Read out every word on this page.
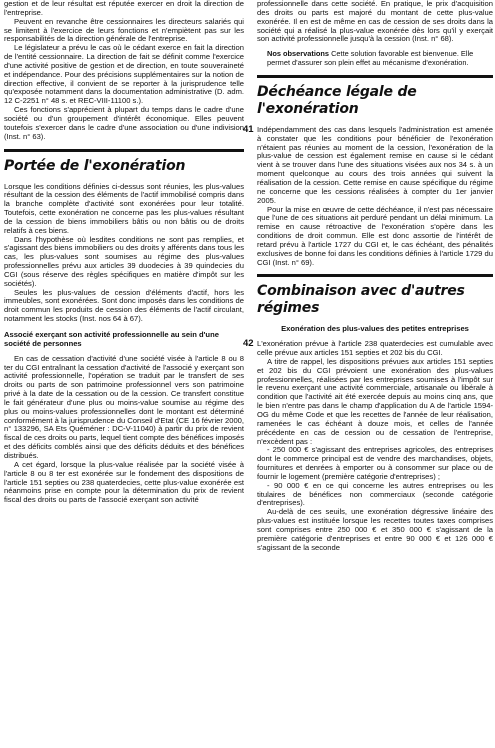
gestion et de leur résultat est réputée exercer en droit la direction de l'entreprise.

Peuvent en revanche être cessionnaires les directeurs salariés qui se limitent à l'exercice de leurs fonctions et n'empiètent pas sur les responsabilités de la direction générale de l'entreprise.

Le législateur a prévu le cas où le cédant exerce en fait la direction de l'entité cessionnaire. La direction de fait se définit comme l'exercice d'une activité positive de gestion et de direction, en toute souveraineté et indépendance. Pour des précisions supplémentaires sur la notion de direction effective, il convient de se reporter à la jurisprudence telle qu'exposée notamment dans la documentation administrative (D. adm. 12 C-2251 n° 48 s. et REC-VIII-11100 s.).

Ces fonctions s'apprécient à plupart du temps dans le cadre d'une société ou d'un groupement d'intérêt économique. Elles peuvent toutefois s'exercer dans le cadre d'une association ou d'une indivision (Inst. n° 63).

Portée de l'exonération

Lorsque les conditions définies ci-dessus sont réunies, les plus-values résultant de la cession des éléments de l'actif immobilisé compris dans la branche complète d'activité sont exonérées pour leur totalité. Toutefois, cette exonération ne concerne pas les plus-values résultant de la cession de biens immobiliers bâtis ou non bâtis ou de droits relatifs à ces biens.

Dans l'hypothèse où lesdites conditions ne sont pas remplies, et s'agissant des biens immobiliers ou des droits y afférents dans tous les cas, les plus-values sont soumises au régime des plus-values professionnelles prévu aux articles 39 duodecies à 39 quindecies du CGI (sous réserve des règles spécifiques en matière d'impôt sur les sociétés).

Seules les plus-values de cession d'éléments d'actif, hors les immeubles, sont exonérées. Sont donc imposés dans les conditions de droit commun les produits de cession des éléments de l'actif circulant, notamment les stocks (Inst. nos 64 à 67).

Associé exerçant son activité professionnelle au sein d'une société de personnes

En cas de cessation d'activité d'une société visée à l'article 8 ou 8 ter du CGI entraînant la cessation d'activité de l'associé y exerçant son activité professionnelle, l'opération se traduit par le transfert de ses droits ou parts de son patrimoine professionnel vers son patrimoine privé à la date de la cessation ou de la cession. Ce transfert constitue le fait générateur d'une plus ou moins-value soumise au régime des plus ou moins-values professionnelles dont le montant est déterminé conformément à la jurisprudence du Conseil d'Etat (CE 16 février 2000, n° 133296, SA Ets Quéméner : DC-V-11040) à partir du prix de revient fiscal de ces droits ou parts, lequel tient compte des bénéfices imposés et des déficits comblés ainsi que des déficits déduits et des bénéfices distribués.

A cet égard, lorsque la plus-value réalisée par la société visée à l'article 8 ou 8 ter est exonérée sur le fondement des dispositions de l'article 151 septies ou 238 quaterdecies, cette plus-value exonérée est néanmoins prise en compte pour la détermination du prix de revient fiscal des droits ou parts de l'associé exerçant son activité

professionnelle dans cette société. En pratique, le prix d'acquisition des droits ou parts est majoré du montant de cette plus-value exonérée. Il en est de même en cas de cession de ses droits dans la société qui a réalisé la plus-value exonérée dès lors qu'il y exerçait son activité professionnelle jusqu'à la cession (Inst. n° 68).

Nos observations Cette solution favorable est bienvenue. Elle permet d'assurer son plein effet au mécanisme d'exonération.
Déchéance légale de l'exonération
41 Indépendamment des cas dans lesquels l'administration est amenée à constater que les conditions pour bénéficier de l'exonération n'étaient pas réunies au moment de la cession, l'exonération de la plus-value de cession est également remise en cause si le cédant vient à se trouver dans l'une des situations visées aux nos 34 s. à un moment quelconque au cours des trois années qui suivent la réalisation de la cession. Cette remise en cause spécifique du régime ne concerne que les cessions réalisées à compter du 1er janvier 2005.

Pour la mise en œuvre de cette déchéance, il n'est pas nécessaire que l'une de ces situations ait perduré pendant un délai minimum. La remise en cause rétroactive de l'exonération s'opère dans les conditions de droit commun. Elle est donc assortie de l'intérêt de retard prévu à l'article 1727 du CGI et, le cas échéant, des pénalités exclusives de bonne foi dans les conditions définies à l'article 1729 du CGI (Inst. n° 69).

Combinaison avec d'autres régimes
Exonération des plus-values des petites entreprises
42 L'exonération prévue à l'article 238 quaterdecies est cumulable avec celle prévue aux articles 151 septies et 202 bis du CGI.

A titre de rappel, les dispositions prévues aux articles 151 septies et 202 bis du CGI prévoient une exonération des plus-values professionnelles, réalisées par les entreprises soumises à l'impôt sur le revenu exerçant une activité commerciale, artisanale ou libérale à condition que l'activité ait été exercée depuis au moins cinq ans, que le bien n'entre pas dans le champ d'application du A de l'article 1594-OG du même Code et que les recettes de l'année de leur réalisation, ramenées le cas échéant à douze mois, et celles de l'année précédente en cas de cession ou de cessation de l'entreprise, n'excèdent pas :

- 250 000 € s'agissant des entreprises agricoles, des entreprises dont le commerce principal est de vendre des marchandises, objets, fournitures et denrées à emporter ou à consommer sur place ou de fournir le logement (première catégorie d'entreprises) ;

- 90 000 € en ce qui concerne les autres entreprises ou les titulaires de bénéfices non commerciaux (seconde catégorie d'entreprises).

Au-delà de ces seuils, une exonération dégressive linéaire des plus-values est instituée lorsque les recettes toutes taxes comprises sont comprises entre 250 000 € et 350 000 € s'agissant de la première catégorie d'entreprises et entre 90 000 € et 126 000 € s'agissant de la seconde
